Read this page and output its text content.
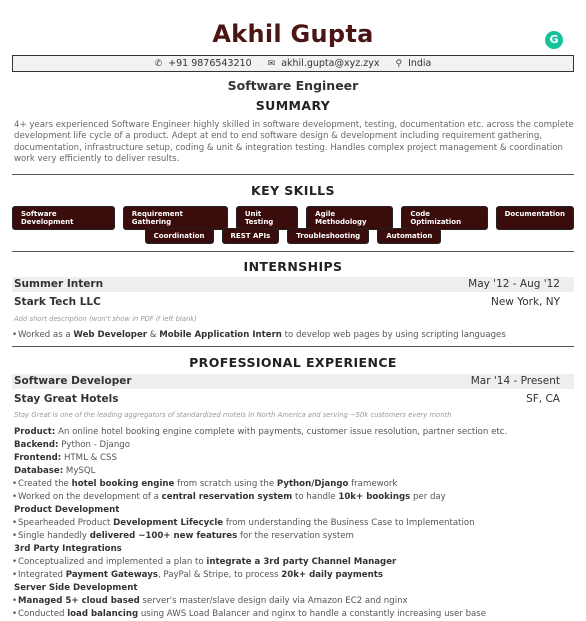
Akhil Gupta	G
✆ +91 9876543210 ✉ akhil.gupta@xyz.zyx ⚲ India
Software Engineer
SUMMARY
4+ years experienced Software Engineer highly skilled in software development, testing, documentation etc. across the complete development life cycle of a product. Adept at end to end software design & development including requirement gathering, documentation, infrastructure setup, coding & unit & integration testing. Handles complex project management & coordination work very efficiently to deliver results.
KEY SKILLS
Software Development
Requirement Gathering
Unit Testing
Agile Methodology
Code Optimization
Documentation
Coordination	REST APIs	Troubleshooting	Automation
INTERNSHIPS
Summer Intern	May '12 - Aug '12
Stark Tech LLC	New York, NY
Add short description (won't show in PDF if left blank)
• Worked as a Web Developer & Mobile Application Intern to develop web pages by using scripting languages
PROFESSIONAL EXPERIENCE
Software Developer	Mar '14 - Present
Stay Great Hotels	SF, CA
Stay Great is one of the leading aggregators of standardized motels in North America and serving ~50k customers every month
Product: An online hotel booking engine complete with payments, customer issue resolution, partner section etc.
Backend: Python - Django
Frontend: HTML & CSS
Database: MySQL
• Created the hotel booking engine from scratch using the Python/Django framework
• Worked on the development of a central reservation system to handle 10k+ bookings per day
Product Development
• Spearheaded Product Development Lifecycle from understanding the Business Case to Implementation
• Single handedly delivered ~100+ new features for the reservation system
3rd Party Integrations
• Conceptualized and implemented a plan to integrate a 3rd party Channel Manager
• Integrated Payment Gateways, PayPal & Stripe, to process 20k+ daily payments
Server Side Development
• Managed 5+ cloud based server's master/slave design daily via Amazon EC2 and nginx
• Conducted load balancing using AWS Load Balancer and nginx to handle a constantly increasing user base
